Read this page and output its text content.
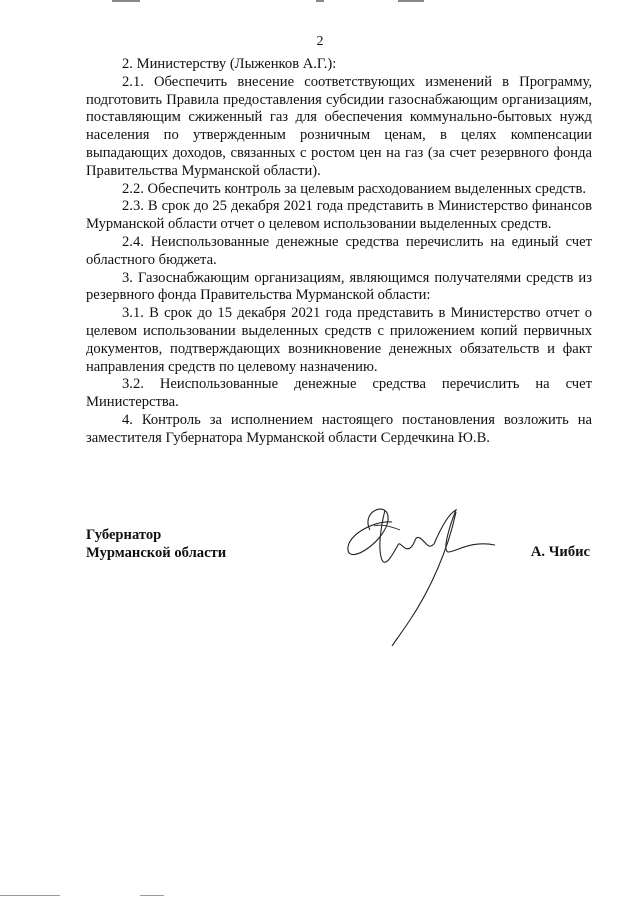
2

2. Министерству (Лыженков А.Г.):

2.1. Обеспечить внесение соответствующих изменений в Программу, подготовить Правила предоставления субсидии газоснабжающим организациям, поставляющим сжиженный газ для обеспечения коммунально-бытовых нужд населения по утвержденным розничным ценам, в целях компенсации выпадающих доходов, связанных с ростом цен на газ (за счет резервного фонда Правительства Мурманской области).

2.2. Обеспечить контроль за целевым расходованием выделенных средств.

2.3. В срок до 25 декабря 2021 года представить в Министерство финансов Мурманской области отчет о целевом использовании выделенных средств.

2.4. Неиспользованные денежные средства перечислить на единый счет областного бюджета.

3. Газоснабжающим организациям, являющимся получателями средств из резервного фонда Правительства Мурманской области:

3.1. В срок до 15 декабря 2021 года представить в Министерство отчет о целевом использовании выделенных средств с приложением копий первичных документов, подтверждающих возникновение денежных обязательств и факт направления средств по целевому назначению.

3.2. Неиспользованные денежные средства перечислить на счет Министерства.

4. Контроль за исполнением настоящего постановления возложить на заместителя Губернатора Мурманской области Сердечкина Ю.В.

Губернатор
Мурманской области	А. Чибис
